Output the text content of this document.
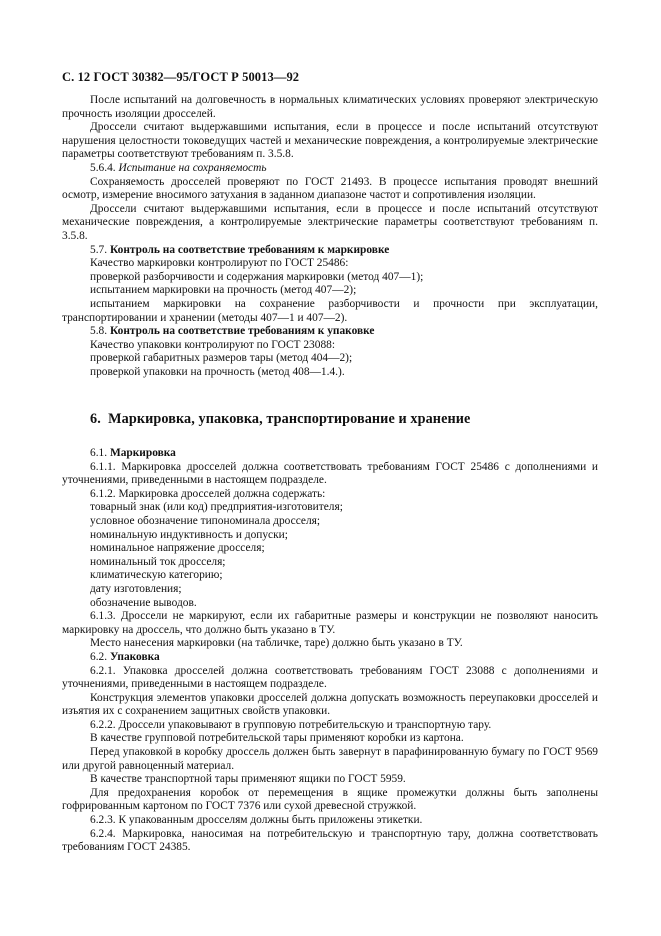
С. 12 ГОСТ 30382—95/ГОСТ Р 50013—92

После испытаний на долговечность в нормальных климатических условиях проверяют электрическую прочность изоляции дросселей.

Дроссели считают выдержавшими испытания, если в процессе и после испытаний отсутствуют нарушения целостности токоведущих частей и механические повреждения, а контролируемые электрические параметры соответствуют требованиям п. 3.5.8.

5.6.4. Испытание на сохраняемость

Сохраняемость дросселей проверяют по ГОСТ 21493. В процессе испытания проводят внешний осмотр, измерение вносимого затухания в заданном диапазоне частот и сопротивления изоляции.

Дроссели считают выдержавшими испытания, если в процессе и после испытаний отсутствуют механические повреждения, а контролируемые электрические параметры соответствуют требованиям п. 3.5.8.

5.7. Контроль на соответствие требованиям к маркировке

Качество маркировки контролируют по ГОСТ 25486:

проверкой разборчивости и содержания маркировки (метод 407—1);

испытанием маркировки на прочность (метод 407—2);

испытанием маркировки на сохранение разборчивости и прочности при эксплуатации, транспортировании и хранении (методы 407—1 и 407—2).

5.8. Контроль на соответствие требованиям к упаковке

Качество упаковки контролируют по ГОСТ 23088:

проверкой габаритных размеров тары (метод 404—2);

проверкой упаковки на прочность (метод 408—1.4.).

6. Маркировка, упаковка, транспортирование и хранение

6.1. Маркировка

6.1.1. Маркировка дросселей должна соответствовать требованиям ГОСТ 25486 с дополнениями и уточнениями, приведенными в настоящем подразделе.

6.1.2. Маркировка дросселей должна содержать:

товарный знак (или код) предприятия-изготовителя;

условное обозначение типономинала дросселя;

номинальную индуктивность и допуски;

номинальное напряжение дросселя;

номинальный ток дросселя;

климатическую категорию;

дату изготовления;

обозначение выводов.

6.1.3. Дроссели не маркируют, если их габаритные размеры и конструкции не позволяют наносить маркировку на дроссель, что должно быть указано в ТУ.

Место нанесения маркировки (на табличке, таре) должно быть указано в ТУ.

6.2. Упаковка

6.2.1. Упаковка дросселей должна соответствовать требованиям ГОСТ 23088 с дополнениями и уточнениями, приведенными в настоящем подразделе.

Конструкция элементов упаковки дросселей должна допускать возможность переупаковки дросселей и изъятия их с сохранением защитных свойств упаковки.

6.2.2. Дроссели упаковывают в групповую потребительскую и транспортную тару.

В качестве групповой потребительской тары применяют коробки из картона.

Перед упаковкой в коробку дроссель должен быть завернут в парафинированную бумагу по ГОСТ 9569 или другой равноценный материал.

В качестве транспортной тары применяют ящики по ГОСТ 5959.

Для предохранения коробок от перемещения в ящике промежутки должны быть заполнены гофрированным картоном по ГОСТ 7376 или сухой древесной стружкой.

6.2.3. К упакованным дросселям должны быть приложены этикетки.

6.2.4. Маркировка, наносимая на потребительскую и транспортную тару, должна соответствовать требованиям ГОСТ 24385.
